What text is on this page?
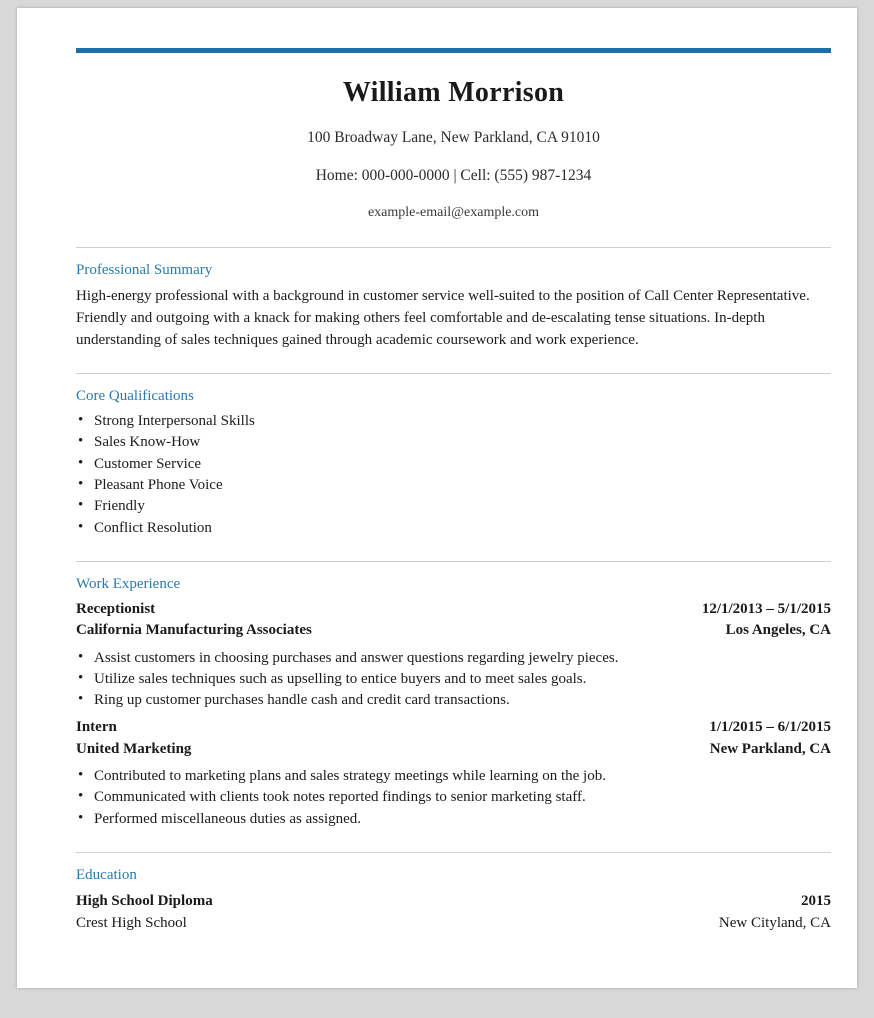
William Morrison
100 Broadway Lane, New Parkland, CA 91010
Home: 000-000-0000 | Cell: (555) 987-1234
example-email@example.com
Professional Summary
High-energy professional with a background in customer service well-suited to the position of Call Center Representative. Friendly and outgoing with a knack for making others feel comfortable and de-escalating tense situations. In-depth understanding of sales techniques gained through academic coursework and work experience.
Core Qualifications
• Strong Interpersonal Skills
• Sales Know-How
• Customer Service
• Pleasant Phone Voice
• Friendly
• Conflict Resolution
Work Experience
Receptionist	12/1/2013 – 5/1/2015
California Manufacturing Associates	Los Angeles, CA
• Assist customers in choosing purchases and answer questions regarding jewelry pieces.
• Utilize sales techniques such as upselling to entice buyers and to meet sales goals.
• Ring up customer purchases handle cash and credit card transactions.
Intern	1/1/2015 – 6/1/2015
United Marketing	New Parkland, CA
• Contributed to marketing plans and sales strategy meetings while learning on the job.
• Communicated with clients took notes reported findings to senior marketing staff.
• Performed miscellaneous duties as assigned.
Education
High School Diploma	2015
Crest High School	New Cityland, CA
